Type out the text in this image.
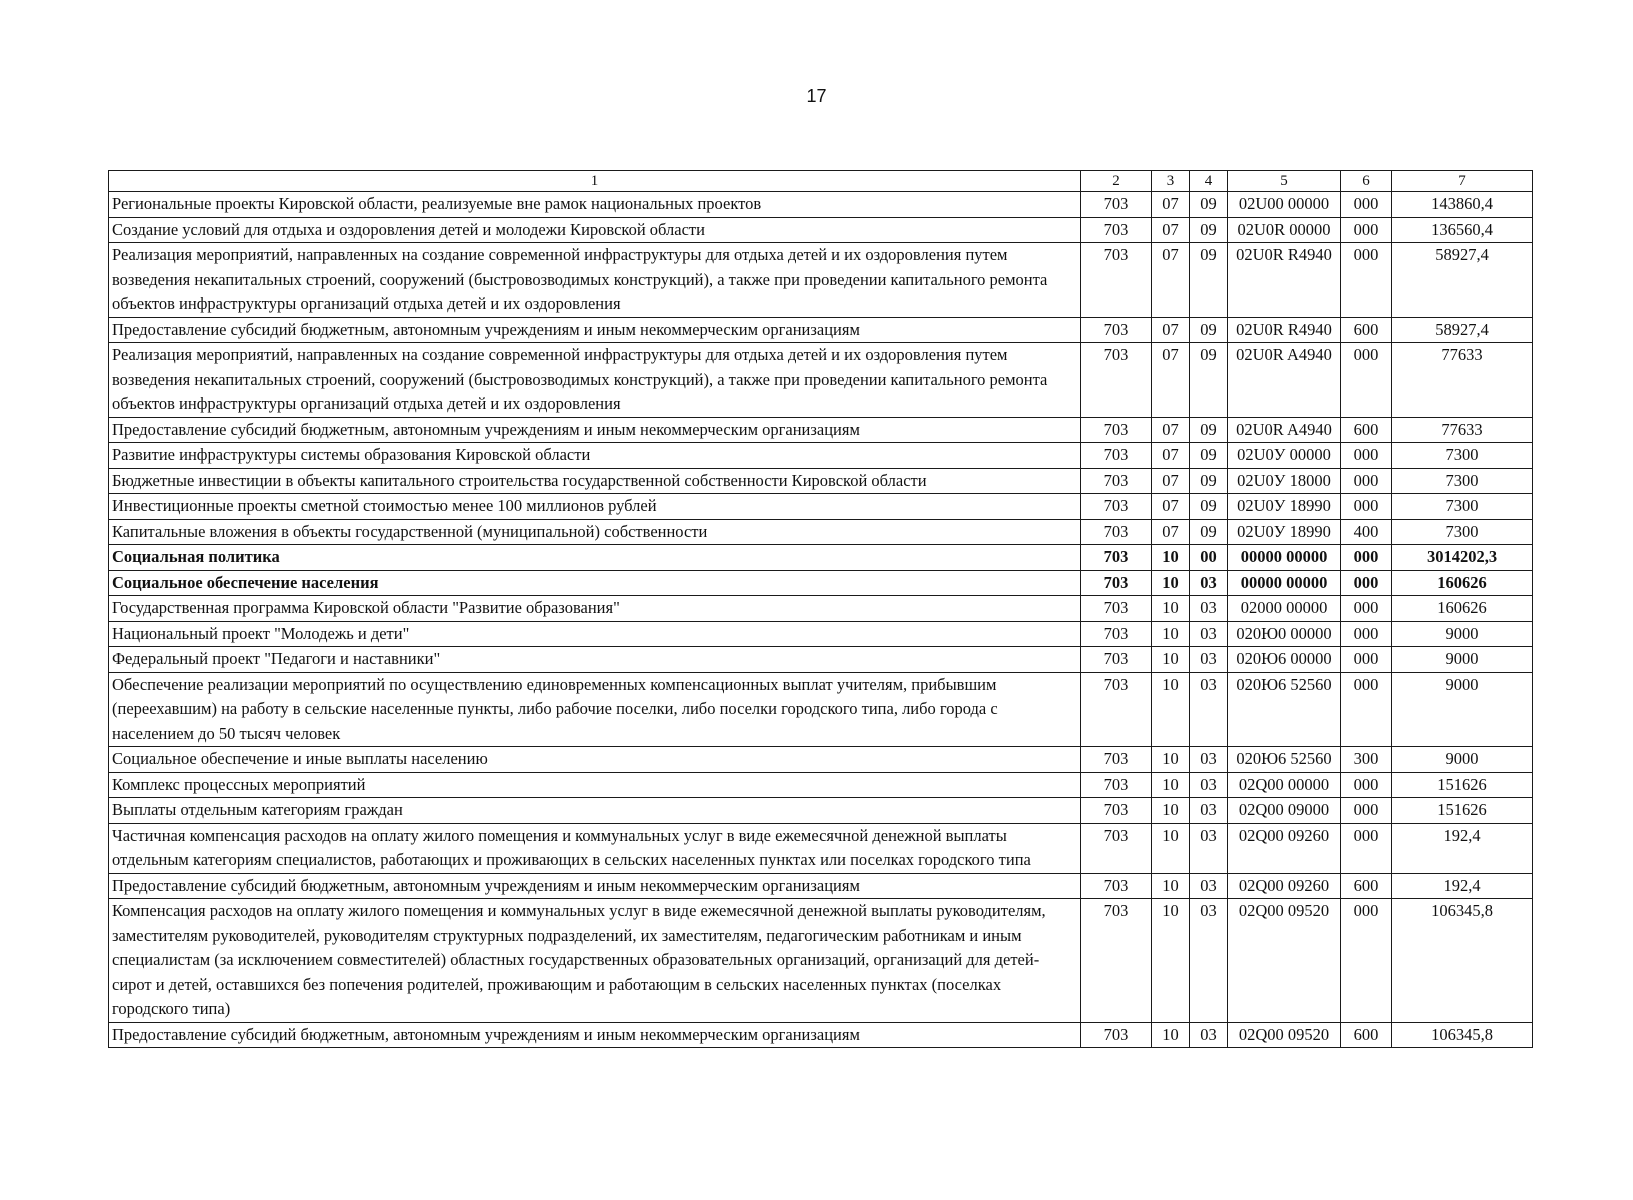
17
1	2	3	4	5	6	7
Региональные проекты Кировской области, реализуемые вне рамок национальных проектов	703	07	09	02U00 00000	000	143860,4
Создание условий для отдыха и оздоровления детей и молодежи Кировской области	703	07	09	02U0R 00000	000	136560,4
Реализация мероприятий, направленных на создание современной инфраструктуры для отдыха детей и их оздоровления путем возведения некапитальных строений, сооружений (быстровозводимых конструкций), а также при проведении капитального ремонта объектов инфраструктуры организаций отдыха детей и их оздоровления	703	07	09	02U0R R4940	000	58927,4
Предоставление субсидий бюджетным, автономным учреждениям и иным некоммерческим организациям	703	07	09	02U0R R4940	600	58927,4
Реализация мероприятий, направленных на создание современной инфраструктуры для отдыха детей и их оздоровления путем возведения некапитальных строений, сооружений (быстровозводимых конструкций), а также при проведении капитального ремонта объектов инфраструктуры организаций отдыха детей и их оздоровления	703	07	09	02U0R A4940	000	77633
Предоставление субсидий бюджетным, автономным учреждениям и иным некоммерческим организациям	703	07	09	02U0R A4940	600	77633
Развитие инфраструктуры системы образования Кировской области	703	07	09	02U0У 00000	000	7300
Бюджетные инвестиции в объекты капитального строительства государственной собственности Кировской области	703	07	09	02U0У 18000	000	7300
Инвестиционные проекты сметной стоимостью менее 100 миллионов рублей	703	07	09	02U0У 18990	000	7300
Капитальные вложения в объекты государственной (муниципальной) собственности	703	07	09	02U0У 18990	400	7300
Социальная политика	703	10	00	00000 00000	000	3014202,3
Социальное обеспечение населения	703	10	03	00000 00000	000	160626
Государственная программа Кировской области "Развитие образования"	703	10	03	02000 00000	000	160626
Национальный проект "Молодежь и дети"	703	10	03	020Ю0 00000	000	9000
Федеральный проект "Педагоги и наставники"	703	10	03	020Ю6 00000	000	9000
Обеспечение реализации мероприятий по осуществлению единовременных компенсационных выплат учителям, прибывшим (переехавшим) на работу в сельские населенные пункты, либо рабочие поселки, либо поселки городского типа, либо города с населением до 50 тысяч человек	703	10	03	020Ю6 52560	000	9000
Социальное обеспечение и иные выплаты населению	703	10	03	020Ю6 52560	300	9000
Комплекс процессных мероприятий	703	10	03	02Q00 00000	000	151626
Выплаты отдельным категориям граждан	703	10	03	02Q00 09000	000	151626
Частичная компенсация расходов на оплату жилого помещения и коммунальных услуг в виде ежемесячной денежной выплаты отдельным категориям специалистов, работающих и проживающих в сельских населенных пунктах или поселках городского типа	703	10	03	02Q00 09260	000	192,4
Предоставление субсидий бюджетным, автономным учреждениям и иным некоммерческим организациям	703	10	03	02Q00 09260	600	192,4
Компенсация расходов на оплату жилого помещения и коммунальных услуг в виде ежемесячной денежной выплаты руководителям, заместителям руководителей, руководителям структурных подразделений, их заместителям, педагогическим работникам и иным специалистам (за исключением совместителей) областных государственных образовательных организаций, организаций для детей-сирот и детей, оставшихся без попечения родителей, проживающим и работающим в сельских населенных пунктах (поселках городского типа)	703	10	03	02Q00 09520	000	106345,8
Предоставление субсидий бюджетным, автономным учреждениям и иным некоммерческим организациям	703	10	03	02Q00 09520	600	106345,8
